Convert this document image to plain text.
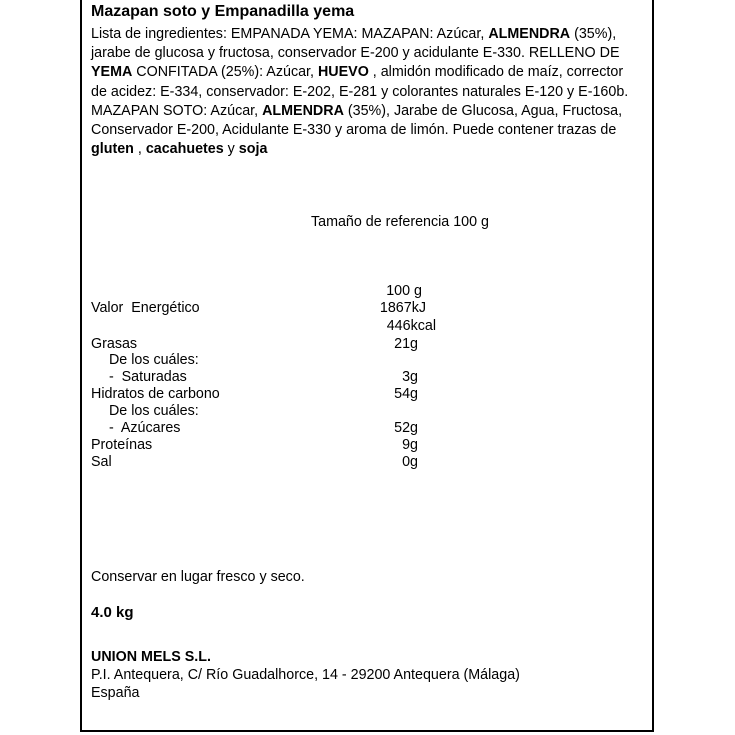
Mazapan soto y Empanadilla yema
Lista de ingredientes: EMPANADA YEMA: MAZAPAN: Azúcar, ALMENDRA (35%), jarabe de glucosa y fructosa, conservador E-200 y acidulante E-330. RELLENO DE YEMA CONFITADA (25%): Azúcar, HUEVO , almidón modificado de maíz, corrector de acidez: E-334, conservador: E-202, E-281 y colorantes naturales E-120 y E-160b. MAZAPAN SOTO: Azúcar, ALMENDRA (35%), Jarabe de Glucosa, Agua, Fructosa, Conservador E-200, Acidulante E-330 y aroma de limón. Puede contener trazas de gluten , cacahuetes y soja
Tamaño de referencia 100 g
100 g
Valor  Energético	1867kJ
446kcal
Grasas	21g
De los cuáles:
-  Saturadas	3g
Hidratos de carbono	54g
De los cuáles:
-  Azúcares	52g
Proteínas	9g
Sal	0g
Conservar en lugar fresco y seco.
4.0 kg
UNION MELS S.L.
P.I. Antequera, C/ Río Guadalhorce, 14 - 29200 Antequera (Málaga)
España
